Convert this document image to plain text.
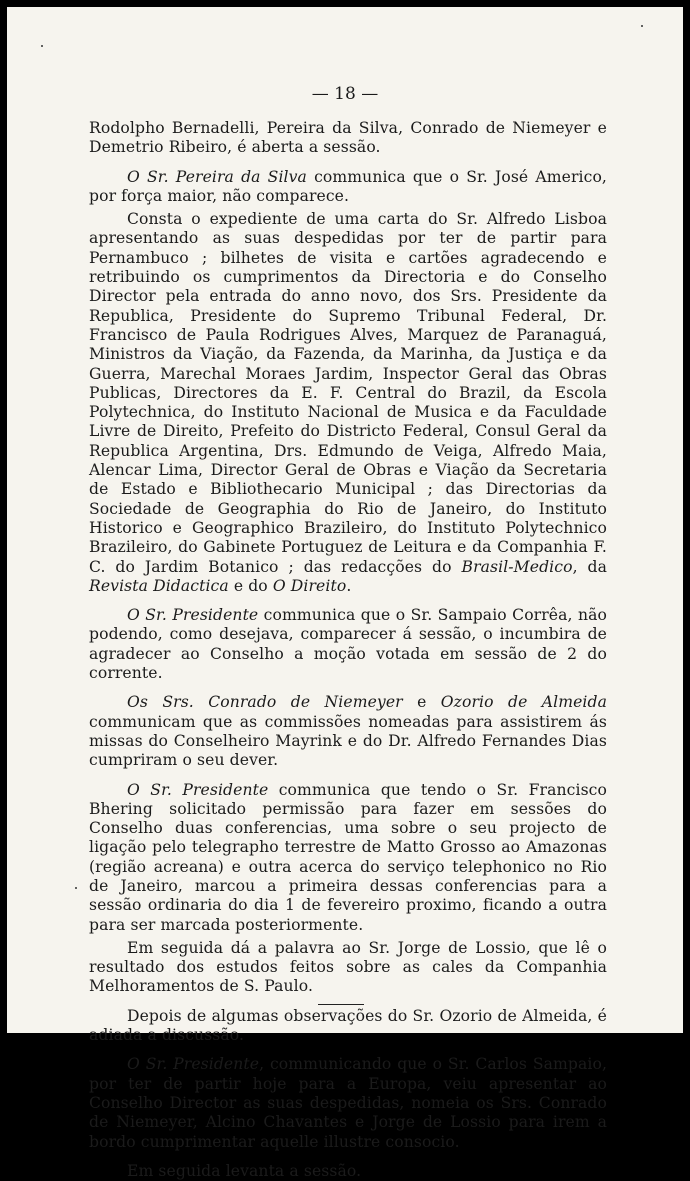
— 18 —

Rodolpho Bernadelli, Pereira da Silva, Conrado de Niemeyer e Demetrio Ribeiro, é aberta a sessão.

O Sr. Pereira da Silva communica que o Sr. José Americo, por força maior, não comparece.

Consta o expediente de uma carta do Sr. Alfredo Lisboa apresentando as suas despedidas por ter de partir para Pernambuco ; bilhetes de visita e cartões agradecendo e retribuindo os cumprimentos da Directoria e do Conselho Director pela entrada do anno novo, dos Srs. Presidente da Republica, Presidente do Supremo Tribunal Federal, Dr. Francisco de Paula Rodrigues Alves, Marquez de Paranaguá, Ministros da Viação, da Fazenda, da Marinha, da Justiça e da Guerra, Marechal Moraes Jardim, Inspector Geral das Obras Publicas, Directores da E. F. Central do Brazil, da Escola Polytechnica, do Instituto Nacional de Musica e da Faculdade Livre de Direito, Prefeito do Districto Federal, Consul Geral da Republica Argentina, Drs. Edmundo de Veiga, Alfredo Maia, Alencar Lima, Director Geral de Obras e Viação da Secretaria de Estado e Bibliothecario Municipal ; das Directorias da Sociedade de Geographia do Rio de Janeiro, do Instituto Historico e Geographico Brazileiro, do Instituto Polytechnico Brazileiro, do Gabinete Portuguez de Leitura e da Companhia F. C. do Jardim Botanico ; das redacções do Brasil-Medico, da Revista Didactica e do O Direito.

O Sr. Presidente communica que o Sr. Sampaio Corrêa, não podendo, como desejava, comparecer á sessão, o incumbira de agradecer ao Conselho a moção votada em sessão de 2 do corrente.

Os Srs. Conrado de Niemeyer e Ozorio de Almeida communicam que as commissões nomeadas para assistirem ás missas do Conselheiro Mayrink e do Dr. Alfredo Fernandes Dias cumpriram o seu dever.

O Sr. Presidente communica que tendo o Sr. Francisco Bhering solicitado permissão para fazer em sessões do Conselho duas conferencias, uma sobre o seu projecto de ligação pelo telegrapho terrestre de Matto Grosso ao Amazonas (região acreana) e outra acerca do serviço telephonico no Rio de Janeiro, marcou a primeira dessas conferencias para a sessão ordinaria do dia 1 de fevereiro proximo, ficando a outra para ser marcada posteriormente.

Em seguida dá a palavra ao Sr. Jorge de Lossio, que lê o resultado dos estudos feitos sobre as cales da Companhia Melhoramentos de S. Paulo.

Depois de algumas observações do Sr. Ozorio de Almeida, é adiada a discussão.

O Sr. Presidente, communicando que o Sr. Carlos Sampaio, por ter de partir hoje para a Europa, veiu apresentar ao Conselho Director as suas despedidas, nomeia os Srs. Conrado de Niemeyer, Alcino Chavantes e Jorge de Lossio para irem a bordo cumprimentar aquelle illustre consocio.

Em seguida levanta a sessão.
